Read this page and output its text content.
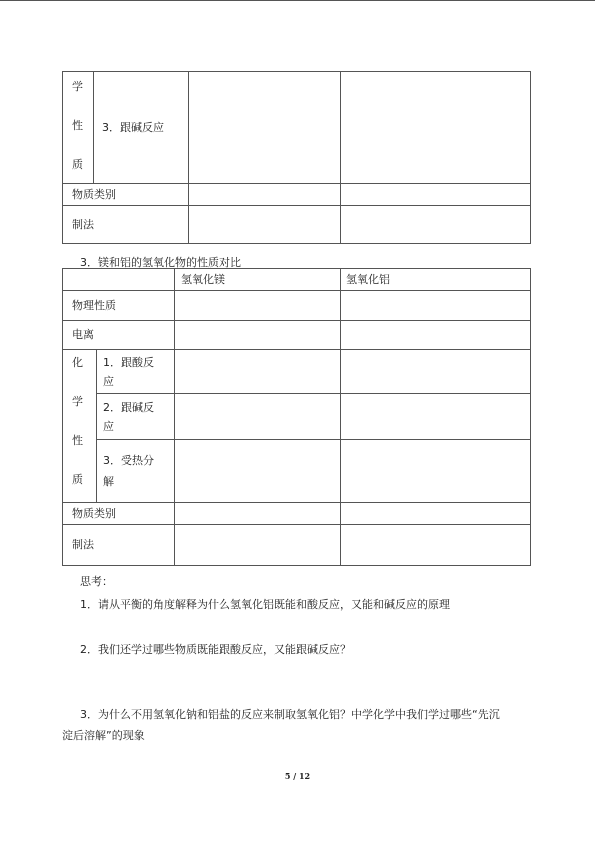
学
性
质	3．跟碱反应		
物质类别			
制法			
3．镁和铝的氢氧化物的性质对比
		氢氧化镁	氢氧化铝
物理性质			
电离			

化
学
性
质	1．跟酸反应		
	2．跟碱反应		
	3．受热分解		
物质类别			
制法			
思考：
1．请从平衡的角度解释为什么氢氧化铝既能和酸反应，又能和碱反应的原理
2．我们还学过哪些物质既能跟酸反应，又能跟碱反应？
3．为什么不用氢氧化钠和铝盐的反应来制取氢氧化铝？中学化学中我们学过哪些“先沉
淀后溶解”的现象
5 / 12
